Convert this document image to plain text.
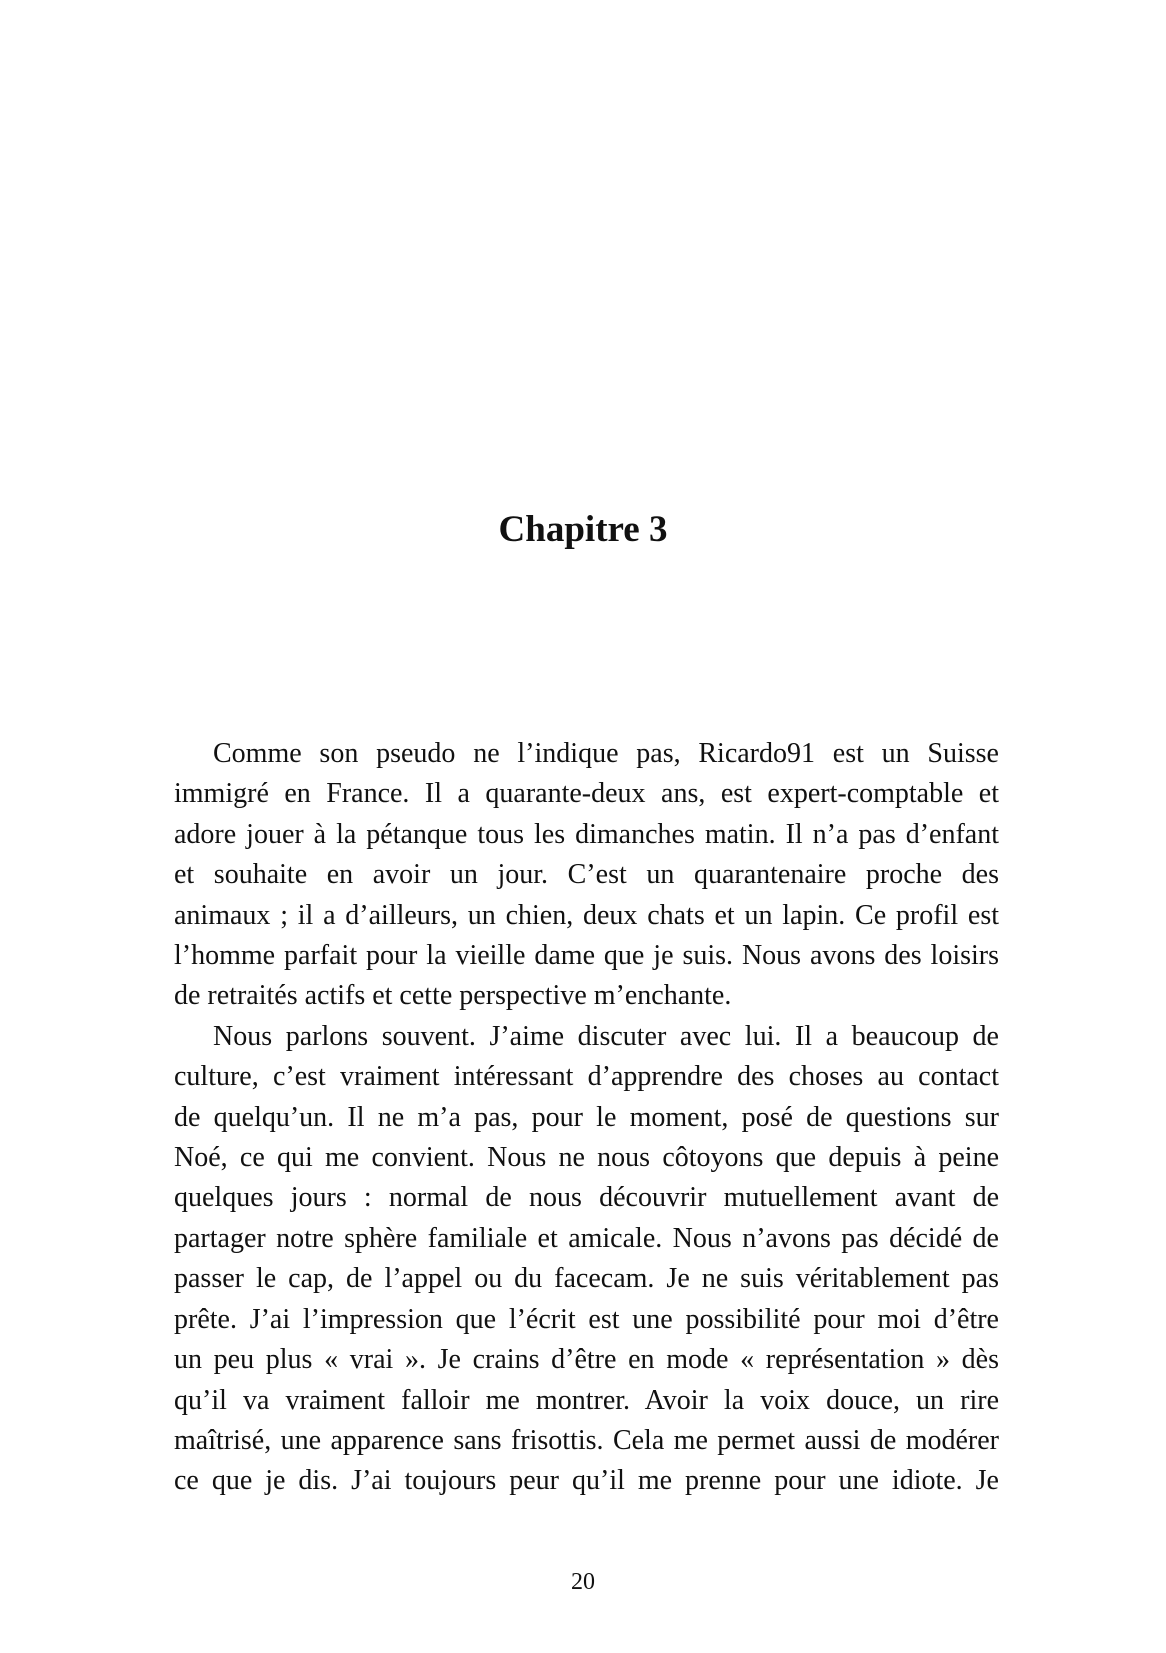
Chapitre 3
Comme son pseudo ne l’indique pas, Ricardo91 est un Suisse
immigré en France. Il a quarante-deux ans, est expert-comptable et
adore jouer à la pétanque tous les dimanches matin. Il n’a pas d’enfant
et souhaite en avoir un jour. C’est un quarantenaire proche des
animaux ; il a d’ailleurs, un chien, deux chats et un lapin. Ce profil est
l’homme parfait pour la vieille dame que je suis. Nous avons des loisirs
de retraités actifs et cette perspective m’enchante.
Nous parlons souvent. J’aime discuter avec lui. Il a beaucoup de
culture, c’est vraiment intéressant d’apprendre des choses au contact
de quelqu’un. Il ne m’a pas, pour le moment, posé de questions sur
Noé, ce qui me convient. Nous ne nous côtoyons que depuis à peine
quelques jours : normal de nous découvrir mutuellement avant de
partager notre sphère familiale et amicale. Nous n’avons pas décidé de
passer le cap, de l’appel ou du facecam. Je ne suis véritablement pas
prête. J’ai l’impression que l’écrit est une possibilité pour moi d’être
un peu plus « vrai ». Je crains d’être en mode « représentation » dès
qu’il va vraiment falloir me montrer. Avoir la voix douce, un rire
maîtrisé, une apparence sans frisottis. Cela me permet aussi de modérer
ce que je dis. J’ai toujours peur qu’il me prenne pour une idiote. Je
20
